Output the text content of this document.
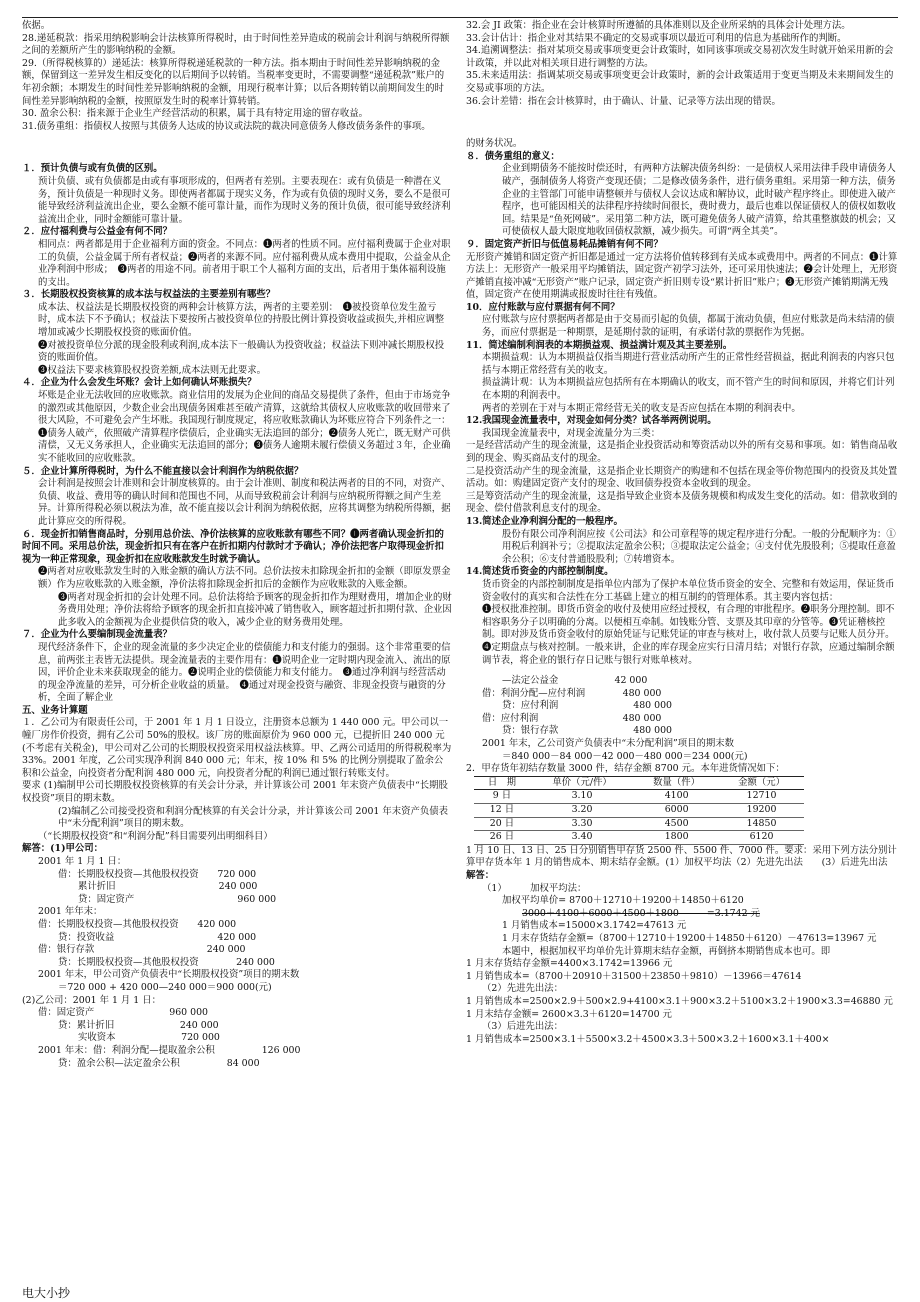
依据。

28.递延税款：指采用纳税影响会计法核算所得税时，由于时间性差异造成的税前会计利润与纳税所得额之间的差额所产生的影响纳税的金额。

29.（所得税核算的）递延法：核算所得税递延税款的一种方法。指本期由于时间性差异影响纳税的金额，保留到这一差异发生相反变化的以后期间予以转销。当税率变更时，不需要调整“递延税款”账户的年初余额；本期发生的时间性差异影响纳税的金额，用现行税率计算；以后各期转销以前期间发生的时间性差异影响纳税的金额，按照原发生时的税率计算转销。

30. 盈余公积：指来源于企业生产经营活动的积累，属于具有特定用途的留存收益。

31.债务重组：指债权人按照与其债务人达成的协议或法院的裁决同意债务人修改债务条件的事项。

１．预计负债与或有负债的区别。

预计负债、或有负债都是由或有事项形成的，但两者有差别。主要表现在：或有负债是一种潜在义务，预计负债是一种现时义务。即使两者都属于现实义务，作为或有负债的现时义务，要么不是很可能导致经济利益流出企业，要么金额不能可靠计量，而作为现时义务的预计负债，很可能导致经济利益流出企业，同时金额能可靠计量。

２．应付福利费与公益金有何不同？

相同点：两者都是用于企业福利方面的资金。不同点：❶两者的性质不同。应付福利费属于企业对职工的负债，公益金属于所有者权益；❷两者的来源不同。应付福利费从成本费用中提取，公益金从企业净利润中形成；　❸两者的用途不同。前者用于职工个人福利方面的支出，后者用于集体福利设施的支出。

３．长期股权投资核算的成本法与权益法的主要差别有哪些？

成本法、权益法是长期股权投资的两种会计核算方法，两者的主要差别：　❶被投资单位发生盈亏时，成本法下不予确认；权益法下要按所占被投资单位的持股比例计算投资收益或损失,并相应调整增加或减少长期股权投资的账面价值。

❷对被投资单位分派的现金股利或利润,成本法下一般确认为投资收益；权益法下则冲减长期股权投资的账面价值。

❸权益法下要求核算股权投资差额,成本法则无此要求。

４．企业为什么会发生坏账？会计上如何确认坏账损失？

坏账是企业无法收回的应收账款。商业信用的发展为企业间的商品交易提供了条件，但由于市场竞争的激烈或其他原因，少数企业会出现债务困难甚至破产清算，这就给其债权人应收账款的收回带来了很大风险，不可避免会产生坏账。我国现行制度规定，将应收账款确认为坏账应符合下列条件之一：　❶债务人破产，依照破产清算程序偿债后，企业确实无法追回的部分；❷债务人死亡，既无财产可供清偿，又无义务承担人，企业确实无法追回的部分；❸债务人逾期未履行偿债义务超过３年，企业确实不能收回的应收账款。

５．企业计算所得税时，为什么不能直接以会计利润作为纳税依据？

会计利润是按照会计准则和会计制度核算的。由于会计准则、制度和税法两者的目的不同，对资产、负债、收益、费用等的确认时间和范围也不同，从而导致税前会计利润与应纳税所得额之间产生差异。计算所得税必须以税法为准，故不能直接以会计利润为纳税依据，应将其调整为纳税所得额，据此计算应交的所得税。

６．现金折扣销售商品时，分别用总价法、净价法核算的应收账款有哪些不同？❶两者确认现金折扣的时间不同。采用总价法，现金折扣只有在客户在折扣期内付款时才予确认；净价法把客户取得现金折扣视为一种正常现象，现金折扣在应收账款发生时就予确认。

❷两者对应收账款发生时的入账金额的确认方法不同。总价法按未扣除现金折扣的金额（即原发票金额）作为应收账款的入账金额，净价法将扣除现金折扣后的金额作为应收账款的入账金额。

❸两者对现金折扣的会计处理不同。总价法将给予顾客的现金折扣作为理财费用，增加企业的财务费用处理；净价法将给予顾客的现金折扣直接冲减了销售收入，顾客超过折扣期付款、企业因此多收入的金额视为企业提供信贷的收入，减少企业的财务费用处理。

７．企业为什么要编制现金流量表？

现代经济条件下，企业的现金流量的多少决定企业的偿债能力和支付能力的强弱。这个非常重要的信息，前两张主表皆无法提供。现金流量表的主要作用有：❶说明企业一定时期内现金流入、流出的原因，评价企业未来获取现金的能力。❷说明企业的偿债能力和支付能力。　❸通过净利润与经营活动的现金净流量的差异，可分析企业收益的质量。　❹通过对现金投资与融资、非现金投资与融资的分析，全面了解企业

五、业务计算题

１．乙公司为有限责任公司，于 2001 年 1 月 1 日设立，注册资本总额为 1 440 000 元。甲公司以一幢厂房作价投资，拥有乙公司 50%的股权。该厂房的账面原价为 960 000 元，已提折旧 240 000 元(不考虑有关税金)，甲公司对乙公司的长期股权投资采用权益法核算。甲、乙两公司适用的所得税税率为 33%。2001 年度，乙公司实现净利润 840 000 元；年末，按 10% 和 5% 的比例分别提取了盈余公积和公益金，向投资者分配利润 480 000 元，向投资者分配的利润已通过银行转账支付。

要求 (1)编制甲公司长期股权投资核算的有关会计分录，并计算该公司 2001 年末资产负债表中“长期股权投资”项目的期末数。

(2)编制乙公司接受投资和利润分配核算的有关会计分录，并计算该公司 2001 年末资产负债表中“未分配利润”项目的期末数。

（“长期股权投资”和“利润分配”科目需要列出明细科目）

解答：(1)甲公司：

2001 年 1 月 1 日：

借：长期股权投资—其他股权投资　　720 000

累计折旧　　　　　　　　　　　240 000

贷：固定资产　　　　　　　　　　　960 000

2001 年年末：

借：长期股权投资—其他股权投资　　420 000

贷：投资收益　　　　　　　　　　　420 000

借：银行存款　　　　　　　　　　　　240 000

贷：长期股权投资—其他股权投资　　　　240 000

2001 年末，甲公司资产负债表中“长期股权投资”项目的期末数

＝720 000 + 420 000—240 000＝900 000(元)

(2)乙公司：2001 年 1 月 1 日：

借：固定资产　　　　　　　　960 000

贷：累计折旧　　　　　　　240 000

实收资本　　　　　　　720 000

2001 年末：借：利润分配—提取盈余公积　　　　　126 000

贷：盈余公积—法定盈余公积　　　　　84 000

32.会 JI 政策：指企业在会计核算时所遵循的具体准则以及企业所采纳的具体会计处理方法。

33.会计估计：指企业对其结果不确定的交易或事项以最近可利用的信息为基础所作的判断。

34.追溯调整法：指对某项交易或事项变更会计政策时，如同该事项或交易初次发生时就开始采用新的会计政策，并以此对相关项目进行调整的方法。

35.未来适用法：指调某项交易或事项变更会计政策时，新的会计政策适用于变更当期及未来期间发生的交易或事项的方法。

36.会计差错：指在会计核算时，由于确认、计量、记录等方法出现的错误。

的财务状况。

８．债务重组的意义：

企业到期债务不能按时偿还时，有两种方法解决债务纠纷：一是债权人采用法律手段申请债务人破产，强制债务人将资产变现还债；二是修改债务条件，进行债务重组。采用第一种方法，债务企业的主管部门可能申请整顿并与债权人会议达成和解协议，此时破产程序终止。即使进入破产程序，也可能因相关的法律程序持续时间很长，费时费力，最后也难以保证债权人的债权如数收回。结果是“鱼死网破”。采用第二种方法，既可避免债务人破产清算，给其重整旗鼓的机会；又可使债权人最大限度地收回债权款额，减少损失。可谓“两全其美”。

９．固定资产折旧与低值易耗品摊销有何不同？

无形资产摊销和固定资产折旧都是通过一定方法将价值转移到有关成本或费用中。两者的不同点：❶计算方法上：无形资产一般采用平均摊销法，固定资产初学习法外，还可采用快速法；❷会计处理上，无形资产摊销直接冲减“无形资产”账户记录，固定资产折旧则专设“累计折旧”账户；❸无形资产摊销期满无残值，固定资产在使用期满或报废时往往有残值。

10．应付账款与应付票据有何不同？

应付账款与应付票据两者都是由于交易而引起的负债，都属于流动负债，但应付账款是尚未结清的债务，而应付票据是一种期票，是延期付款的证明，有承诺付款的票据作为凭据。

11．简述编制利润表的本期损益观、损益满计观及其主要差别。

本期损益观：认为本期损益仅指当期进行营业活动所产生的正常性经营损益，据此利润表的内容只包括与本期正常经营有关的收支。

损益满计观：认为本期损益应包括所有在本期确认的收支，而不管产生的时间和原因，并将它们计列在本期的利润表中。

两者的差别在于对与本期正常经营无关的收支是否应包括在本期的利润表中。

12.我国现金流量表中，对现金如何分类？试各举两例说明。

我国现金流量表中，对现金流量分为三类：

一是经营活动产生的现金流量，这是指企业投资活动和筹资活动以外的所有交易和事项。如：销售商品收到的现金、购买商品支付的现金。

二是投资活动产生的现金流量，这是指企业长期资产的购建和不包括在现金等价物范围内的投资及其处置活动。如：购建固定资产支付的现金、收回债券投资本金收到的现金。

三是筹资活动产生的现金流量，这是指导致企业资本及债务规模和构成发生变化的活动。如：借款收到的现金、偿付借款利息支付的现金。

13.简述企业净利润分配的一般程序。

股份有限公司净利润应按《公司法》和公司章程等的规定程序进行分配。一般的分配顺序为：①用税后利润补亏；②提取法定盈余公积；③提取法定公益金；④支付优先股股利；⑤提取任意盈余公积；⑥支付普通股股利；⑦转增资本。

14.简述货币资金的内部控制制度。

货币资金的内部控制制度是指单位内部为了保护本单位货币资金的安全、完整和有效运用，保证货币资金收付的真实和合法性在分工基础上建立的相互制约的管理体系。其主要内容包括：

❶授权批准控制。即货币资金的收付及使用应经过授权，有合理的审批程序。❷职务分理控制。即不相容职务分子以明确的分离。以便相互牵制。如钱账分管、支票及其印章的分管等。❸凭证稽核控制。即对涉及货币资金收付的原始凭证与记账凭证的审查与核对上，收付款人员要与记账人员分开。❹定期盘点与核对控制。一般来讲，企业的库存现金应实行日清月结；对银行存款，应通过编制余额调节表，将企业的银行存日记账与银行对账单核对。

—法定公益金　　　　　　42 000

借：利润分配—应付利润　　　　480 000

贷：应付利润　　　　　　　　480 000

借：应付利润　　　　　　　　　480 000

贷：银行存款　　　　　　　　480 000

2001 年末，乙公司资产负债表中“未分配利润”项目的期末数

＝840 000－84 000－42 000－480 000＝234 000(元)

2．甲存货年初结存数量 3000 件，结存金额 8700 元。本年进货情况如下：

日　期	单价（元/件）	数量（件）	金额（元）
9 日	3.10	4100	12710
12 日	3.20	6000	19200
20 日	3.30	4500	14850
26 日	3.40	1800	6120

1 月 10 日、13 日、25 日分别销售甲存货 2500 件、5500 件、7000 件。要求：采用下列方法分别计算甲存货本年 1 月的销售成本、期末结存金额。(1）加权平均法（2）先进先出法　　(3）后进先出法

解答：

（1）　　　加权平均法：

加权平均单价= 8700＋12710＋19200＋14850＋6120

3000＋4100＋6000＋4500＋1800　　　=3.1742 元

1 月销售成本=15000×3.1742=47613 元

1 月末存货结存金额=（8700＋12710＋19200＋14850＋6120）－47613=13967 元

本题中，根据加权平均单价先计算期末结存金额，再倒挤本期销售成本也可。即

1 月末存货结存金额=4400×3.1742=13966 元

1 月销售成本=（8700＋20910＋31500＋23850＋9810）－13966＝47614

（2）先进先出法：

1 月销售成本=2500×2.9＋500×2.9+4100×3.1＋900×3.2＋5100×3.2＋1900×3.3=46880 元 1 月末结存金额= 2600×3.3＋6120=14700 元

（3）后进先出法：

1 月销售成本=2500×3.1＋5500×3.2＋4500×3.3＋500×3.2＋1600×3.1＋400×

电大小抄
